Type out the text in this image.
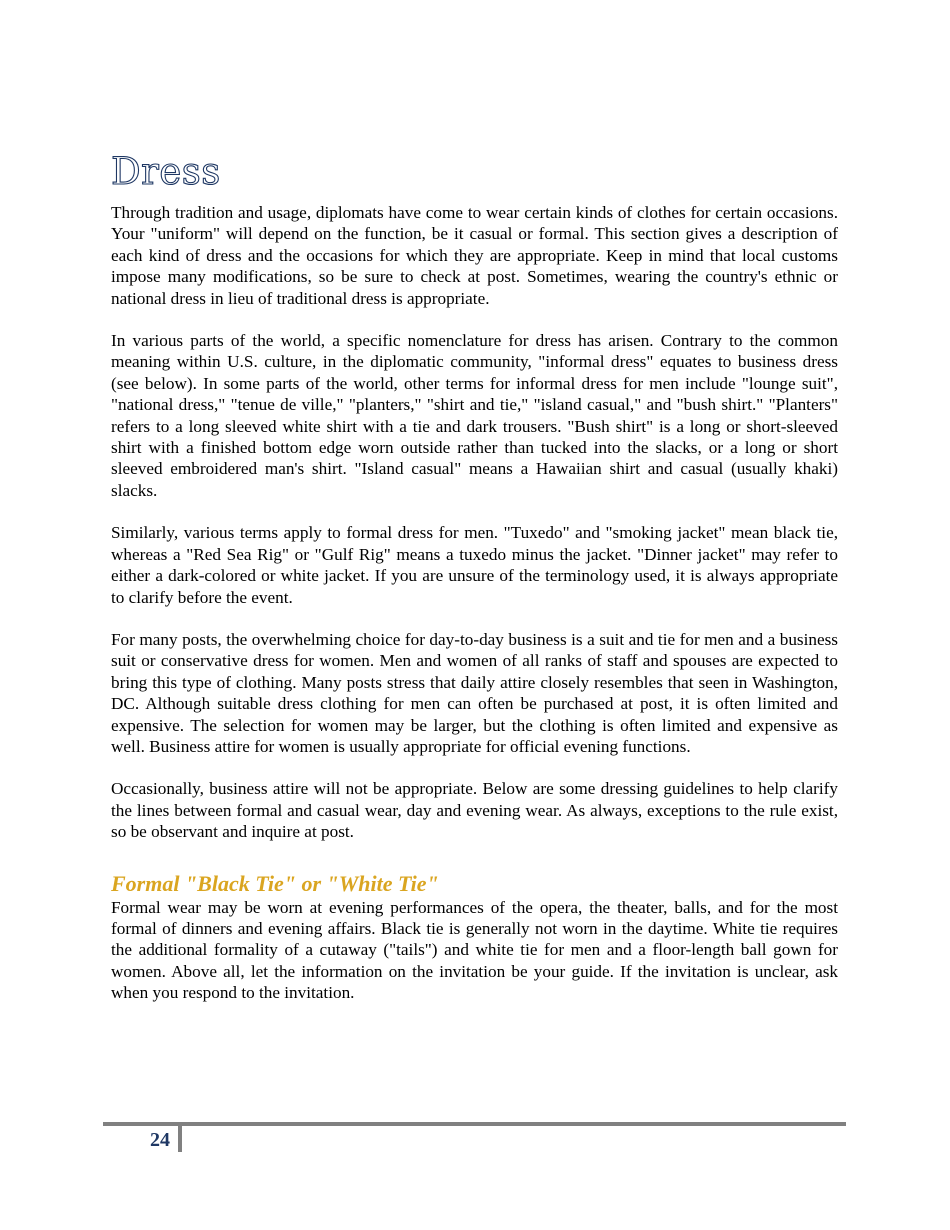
Dress

Through tradition and usage, diplomats have come to wear certain kinds of clothes for certain occasions. Your "uniform" will depend on the function, be it casual or formal. This section gives a description of each kind of dress and the occasions for which they are appropriate. Keep in mind that local customs impose many modifications, so be sure to check at post. Sometimes, wearing the country's ethnic or national dress in lieu of traditional dress is appropriate.

In various parts of the world, a specific nomenclature for dress has arisen. Contrary to the common meaning within U.S. culture, in the diplomatic community, "informal dress" equates to business dress (see below). In some parts of the world, other terms for informal dress for men include "lounge suit", "national dress," "tenue de ville," "planters," "shirt and tie," "island casual," and "bush shirt." "Planters" refers to a long sleeved white shirt with a tie and dark trousers. "Bush shirt" is a long or short-sleeved shirt with a finished bottom edge worn outside rather than tucked into the slacks, or a long or short sleeved embroidered man's shirt. "Island casual" means a Hawaiian shirt and casual (usually khaki) slacks.

Similarly, various terms apply to formal dress for men. "Tuxedo" and "smoking jacket" mean black tie, whereas a "Red Sea Rig" or "Gulf Rig" means a tuxedo minus the jacket. "Dinner jacket" may refer to either a dark-colored or white jacket. If you are unsure of the terminology used, it is always appropriate to clarify before the event.

For many posts, the overwhelming choice for day-to-day business is a suit and tie for men and a business suit or conservative dress for women. Men and women of all ranks of staff and spouses are expected to bring this type of clothing. Many posts stress that daily attire closely resembles that seen in Washington, DC. Although suitable dress clothing for men can often be purchased at post, it is often limited and expensive. The selection for women may be larger, but the clothing is often limited and expensive as well. Business attire for women is usually appropriate for official evening functions.

Occasionally, business attire will not be appropriate. Below are some dressing guidelines to help clarify the lines between formal and casual wear, day and evening wear. As always, exceptions to the rule exist, so be observant and inquire at post.

Formal "Black Tie" or "White Tie"

Formal wear may be worn at evening performances of the opera, the theater, balls, and for the most formal of dinners and evening affairs. Black tie is generally not worn in the daytime. White tie requires the additional formality of a cutaway ("tails") and white tie for men and a floor-length ball gown for women. Above all, let the information on the invitation be your guide. If the invitation is unclear, ask when you respond to the invitation.

24
